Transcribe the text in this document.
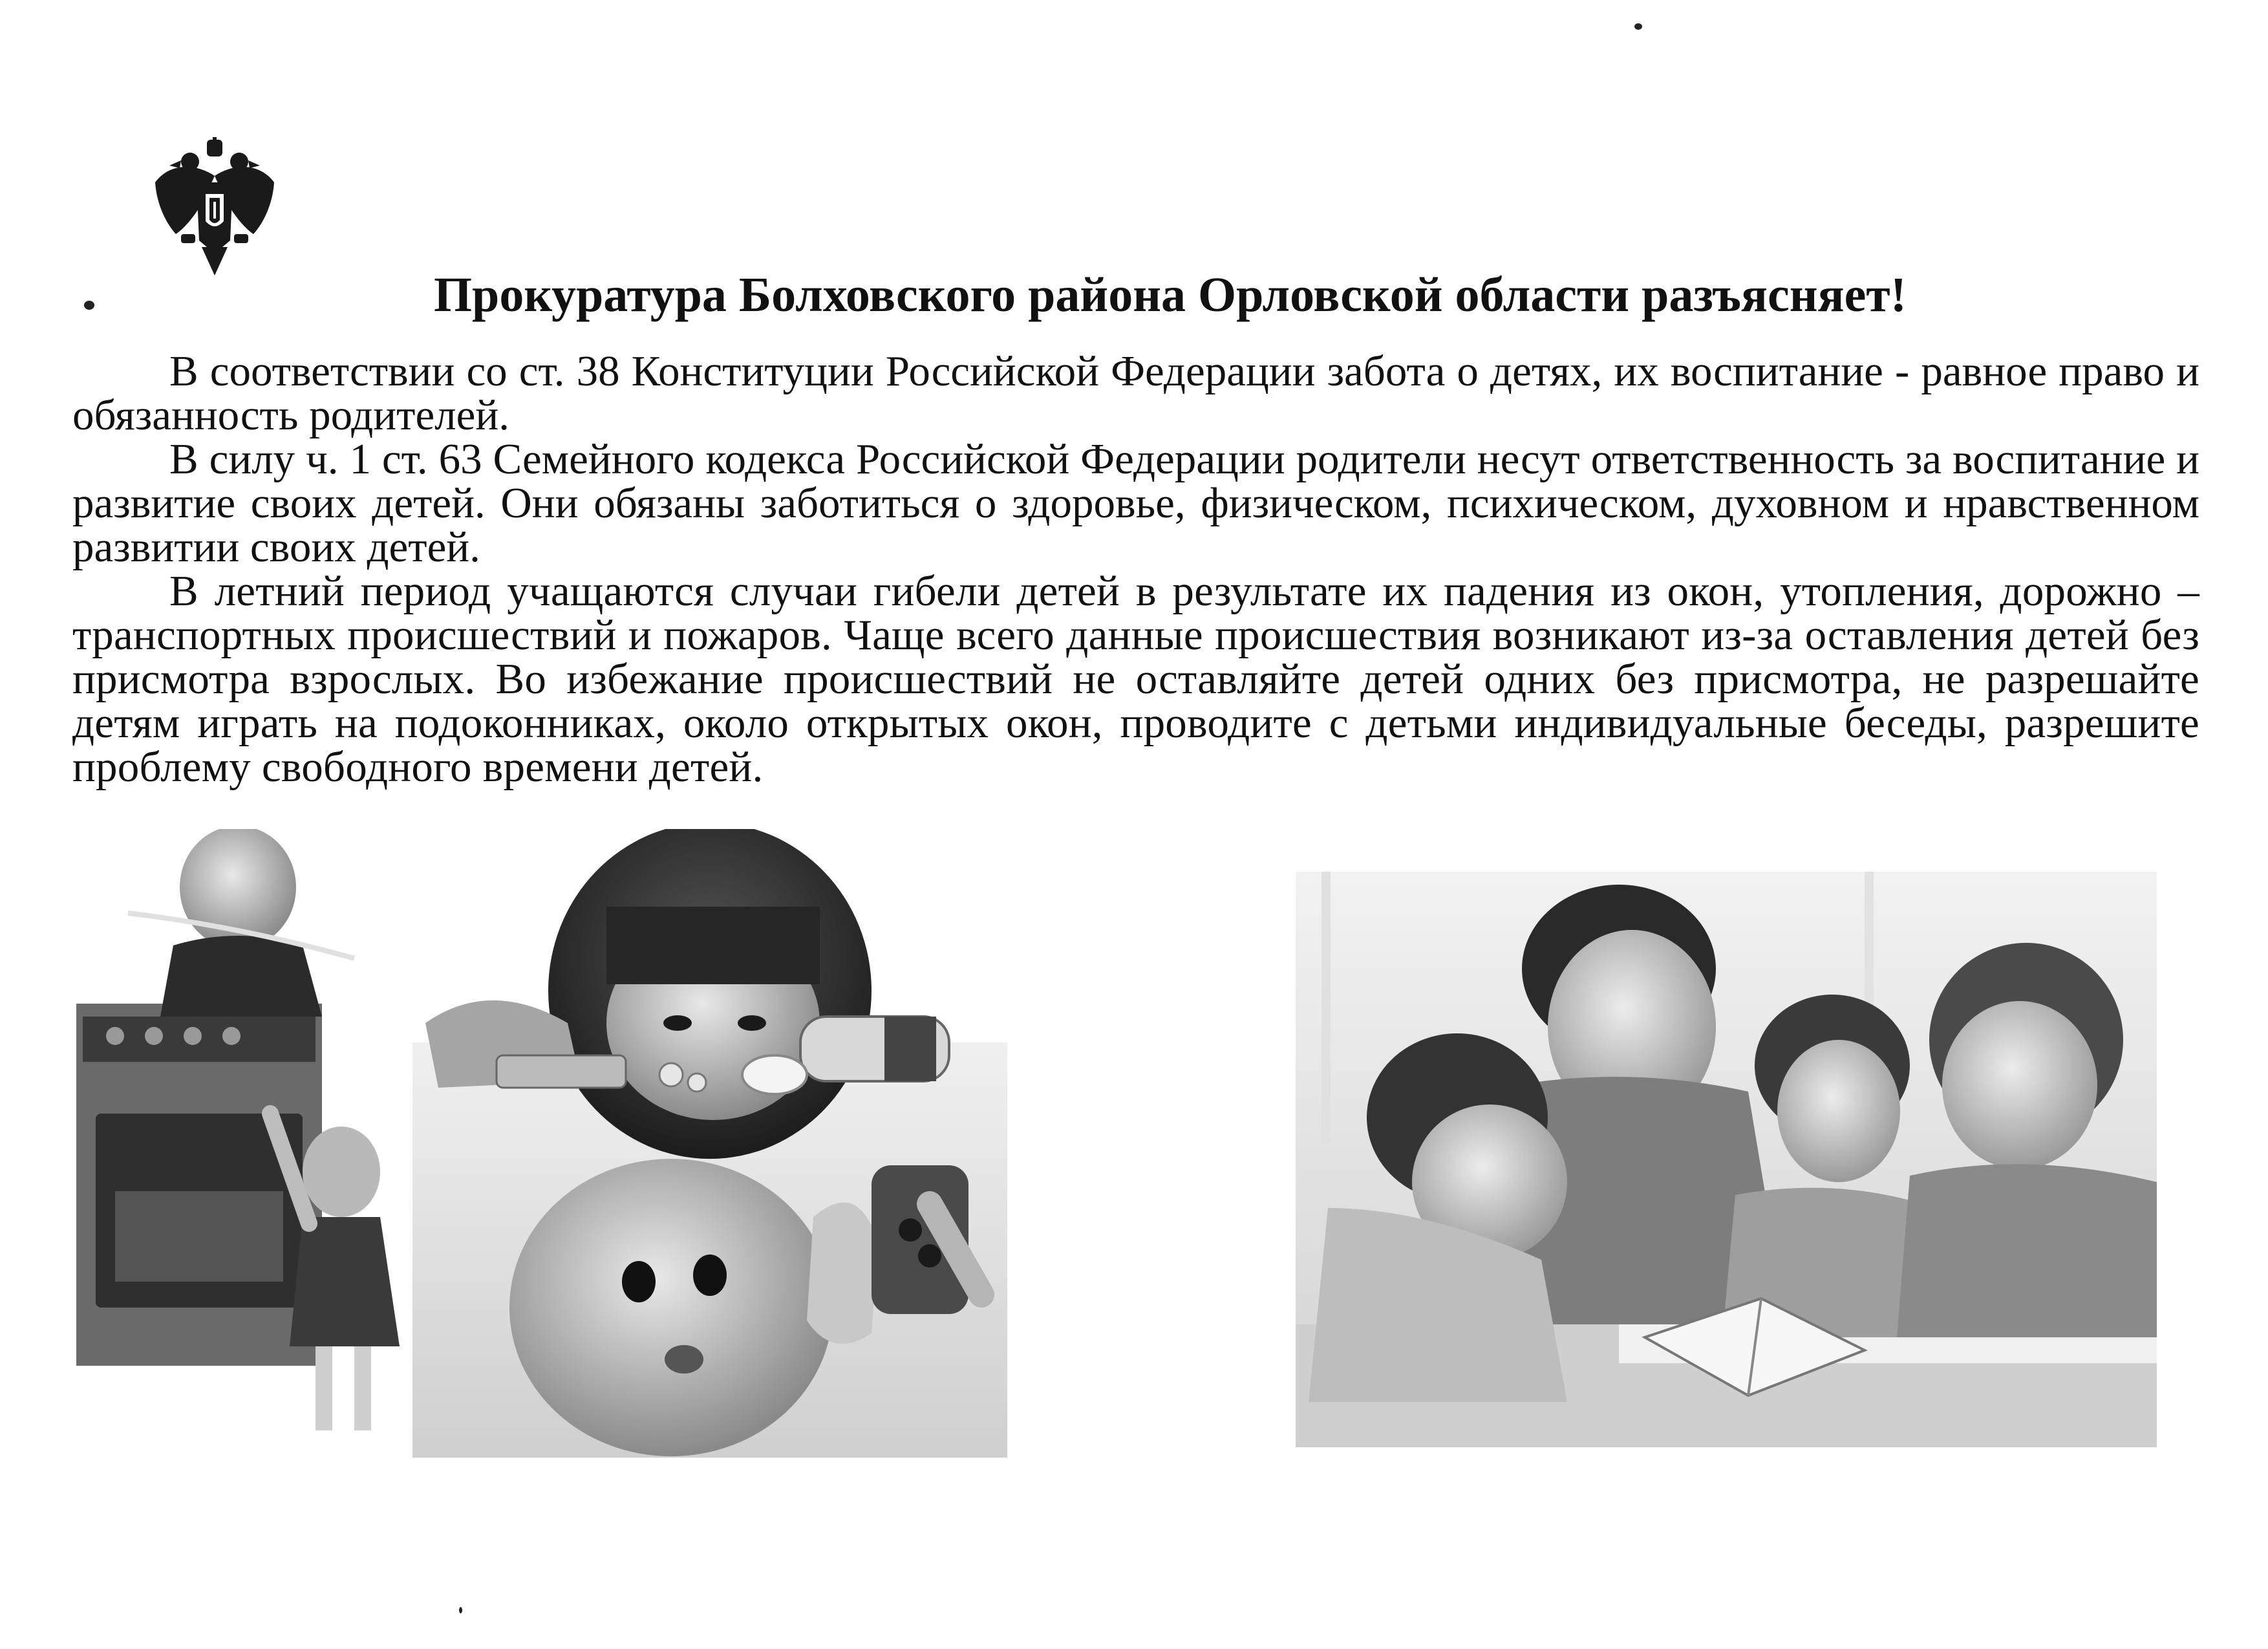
Прокуратура Болховского района Орловской области разъясняет!

В соответствии со ст. 38 Конституции Российской Федерации забота о детях, их воспитание - равное право и обязанность родителей.

В силу ч. 1 ст. 63 Семейного кодекса Российской Федерации родители несут ответственность за воспитание и развитие своих детей. Они обязаны заботиться о здоровье, физическом, психическом, духовном и нравственном развитии своих детей.

В летний период учащаются случаи гибели детей в результате их падения из окон, утопления, дорожно – транспортных происшествий и пожаров. Чаще всего данные происшествия возникают из-за оставления детей без присмотра взрослых. Во избежание происшествий не оставляйте детей одних без присмотра, не разрешайте детям играть на подоконниках, около открытых окон, проводите с детьми индивидуальные беседы, разрешите проблему свободного времени детей.
